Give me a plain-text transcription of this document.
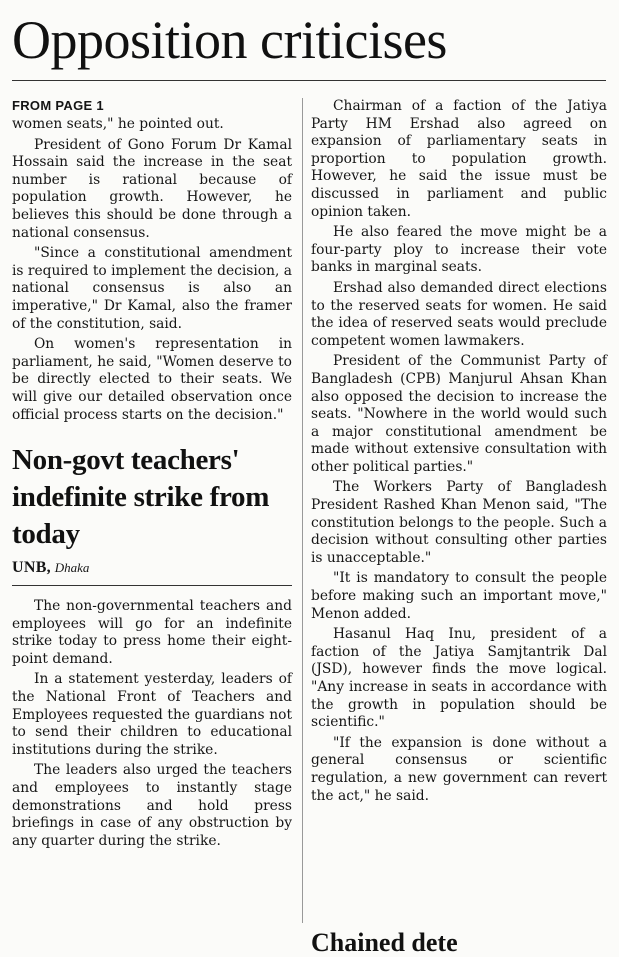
Opposition criticises
FROM PAGE 1

women seats," he pointed out.

President of Gono Forum Dr Kamal Hossain said the increase in the seat number is rational because of population growth. However, he believes this should be done through a national consensus.

"Since a constitutional amendment is required to implement the decision, a national consensus is also an imperative," Dr Kamal, also the framer of the constitution, said.

On women's representation in parliament, he said, "Women deserve to be directly elected to their seats. We will give our detailed observation once official process starts on the decision."

Non-govt teachers' indefinite strike from today
UNB, Dhaka

The non-governmental teachers and employees will go for an indefinite strike today to press home their eight-point demand.

In a statement yesterday, leaders of the National Front of Teachers and Employees requested the guardians not to send their children to educational institutions during the strike.

The leaders also urged the teachers and employees to instantly stage demonstrations and hold press briefings in case of any obstruction by any quarter during the strike.

Chairman of a faction of the Jatiya Party HM Ershad also agreed on expansion of parliamentary seats in proportion to population growth. However, he said the issue must be discussed in parliament and public opinion taken.

He also feared the move might be a four-party ploy to increase their vote banks in marginal seats.

Ershad also demanded direct elections to the reserved seats for women. He said the idea of reserved seats would preclude competent women lawmakers.

President of the Communist Party of Bangladesh (CPB) Manjurul Ahsan Khan also opposed the decision to increase the seats. "Nowhere in the world would such a major constitutional amendment be made without extensive consultation with other political parties."

The Workers Party of Bangladesh President Rashed Khan Menon said, "The constitution belongs to the people. Such a decision without consulting other parties is unacceptable."

"It is mandatory to consult the people before making such an important move," Menon added.

Hasanul Haq Inu, president of a faction of the Jatiya Samjtantrik Dal (JSD), however finds the move logical. "Any increase in seats in accordance with the growth in population should be scientific."

"If the expansion is done without a general consensus or scientific regulation, a new government can revert the act," he said.

Chained dete
